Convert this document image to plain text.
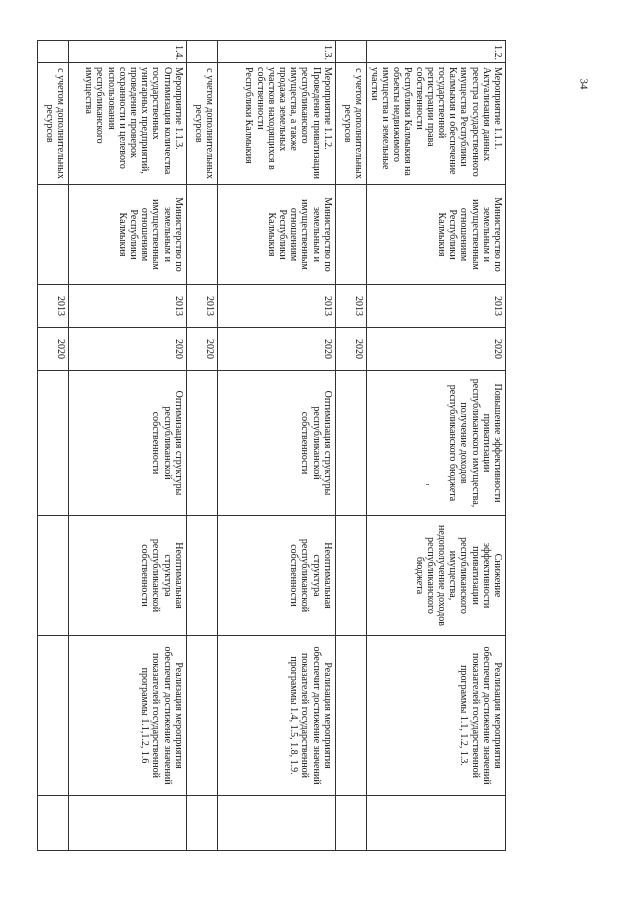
34
1.2.	Мероприятие 1.1.1. Актуализация данных реестра государственного имущества Республики Калмыкия и обеспечение государственной регистрации права собственности Республики Калмыкия на объекты недвижимого имущества и земельные участки	Министерство по земельным и имущественным отношениям Республики Калмыкия	2013	2020	Повышение эффективности приватизации республиканского имущества, получение доходов республиканского бюджета	Снижение эффективности приватизации республиканского имущества, недополучение доходов республиканского бюджета	Реализация мероприятия обеспечит достижение значений показателей государственной программы 1.1, 1.2, 1.3.	
	с учетом дополнительных ресурсов		2013	2020				
1.3.	Мероприятие 1.1.2. Проведение приватизации республиканского имущества, а также продажа земельных участков находящихся в собственности Республики Калмыкия	Министерство по земельным и имущественным отношениям Республики Калмыкия	2013	2020	Оптимизация структуры республиканской собственности	Неоптимальная структура республиканской собственности	Реализация мероприятия обеспечит достижение значений показателей государственной программы 1.4, 1.5, 1.8, 1.9.	
	с учетом дополнительных ресурсов		2013	2020				
1.4.	Мероприятие 1.1.3. Оптимизация количества государственных унитарных предприятий, проведение проверок сохранности и целевого использования республиканского имущества	Министерство по земельным и имущественным отношениям Республики Калмыкия	2013	2020	Оптимизация структуры республиканской собственности	Неоптимальная структура республиканской собственности	Реализация мероприятия обеспечит достижение значений показателей государственной программы 1.1,1.2, 1.6	
	с учетом дополнительных ресурсов		2013	2020				
